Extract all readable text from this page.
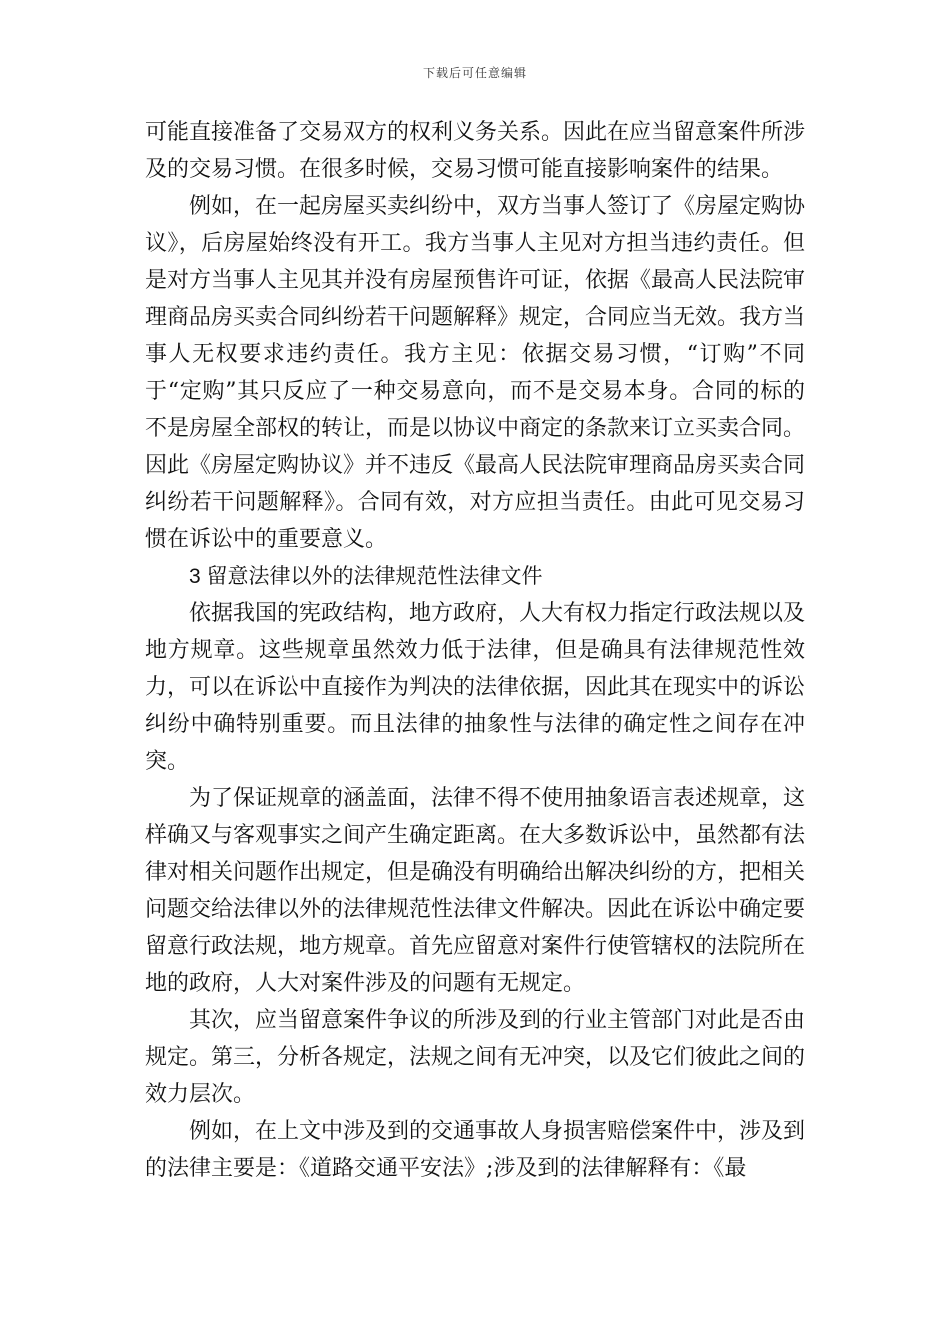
下载后可任意编辑

可能直接准备了交易双方的权利义务关系。因此在应当留意案件所涉及的交易习惯。在很多时候，交易习惯可能直接影响案件的结果。

例如，在一起房屋买卖纠纷中，双方当事人签订了《房屋定购协议》，后房屋始终没有开工。我方当事人主见对方担当违约责任。但是对方当事人主见其并没有房屋预售许可证，依据《最高人民法院审理商品房买卖合同纠纷若干问题解释》规定，合同应当无效。我方当事人无权要求违约责任。我方主见：依据交易习惯，“订购”不同于“定购”其只反应了一种交易意向，而不是交易本身。合同的标的不是房屋全部权的转让，而是以协议中商定的条款来订立买卖合同。因此《房屋定购协议》并不违反《最高人民法院审理商品房买卖合同纠纷若干问题解释》。合同有效，对方应担当责任。由此可见交易习惯在诉讼中的重要意义。

3 留意法律以外的法律规范性法律文件

依据我国的宪政结构，地方政府，人大有权力指定行政法规以及地方规章。这些规章虽然效力低于法律，但是确具有法律规范性效力，可以在诉讼中直接作为判决的法律依据，因此其在现实中的诉讼纠纷中确特别重要。而且法律的抽象性与法律的确定性之间存在冲突。

为了保证规章的涵盖面，法律不得不使用抽象语言表述规章，这样确又与客观事实之间产生确定距离。在大多数诉讼中，虽然都有法律对相关问题作出规定，但是确没有明确给出解决纠纷的方，把相关问题交给法律以外的法律规范性法律文件解决。因此在诉讼中确定要留意行政法规，地方规章。首先应留意对案件行使管辖权的法院所在地的政府，人大对案件涉及的问题有无规定。

其次，应当留意案件争议的所涉及到的行业主管部门对此是否由规定。第三，分析各规定，法规之间有无冲突，以及它们彼此之间的效力层次。

例如，在上文中涉及到的交通事故人身损害赔偿案件中，涉及到的法律主要是：《道路交通平安法》;涉及到的法律解释有：《最
